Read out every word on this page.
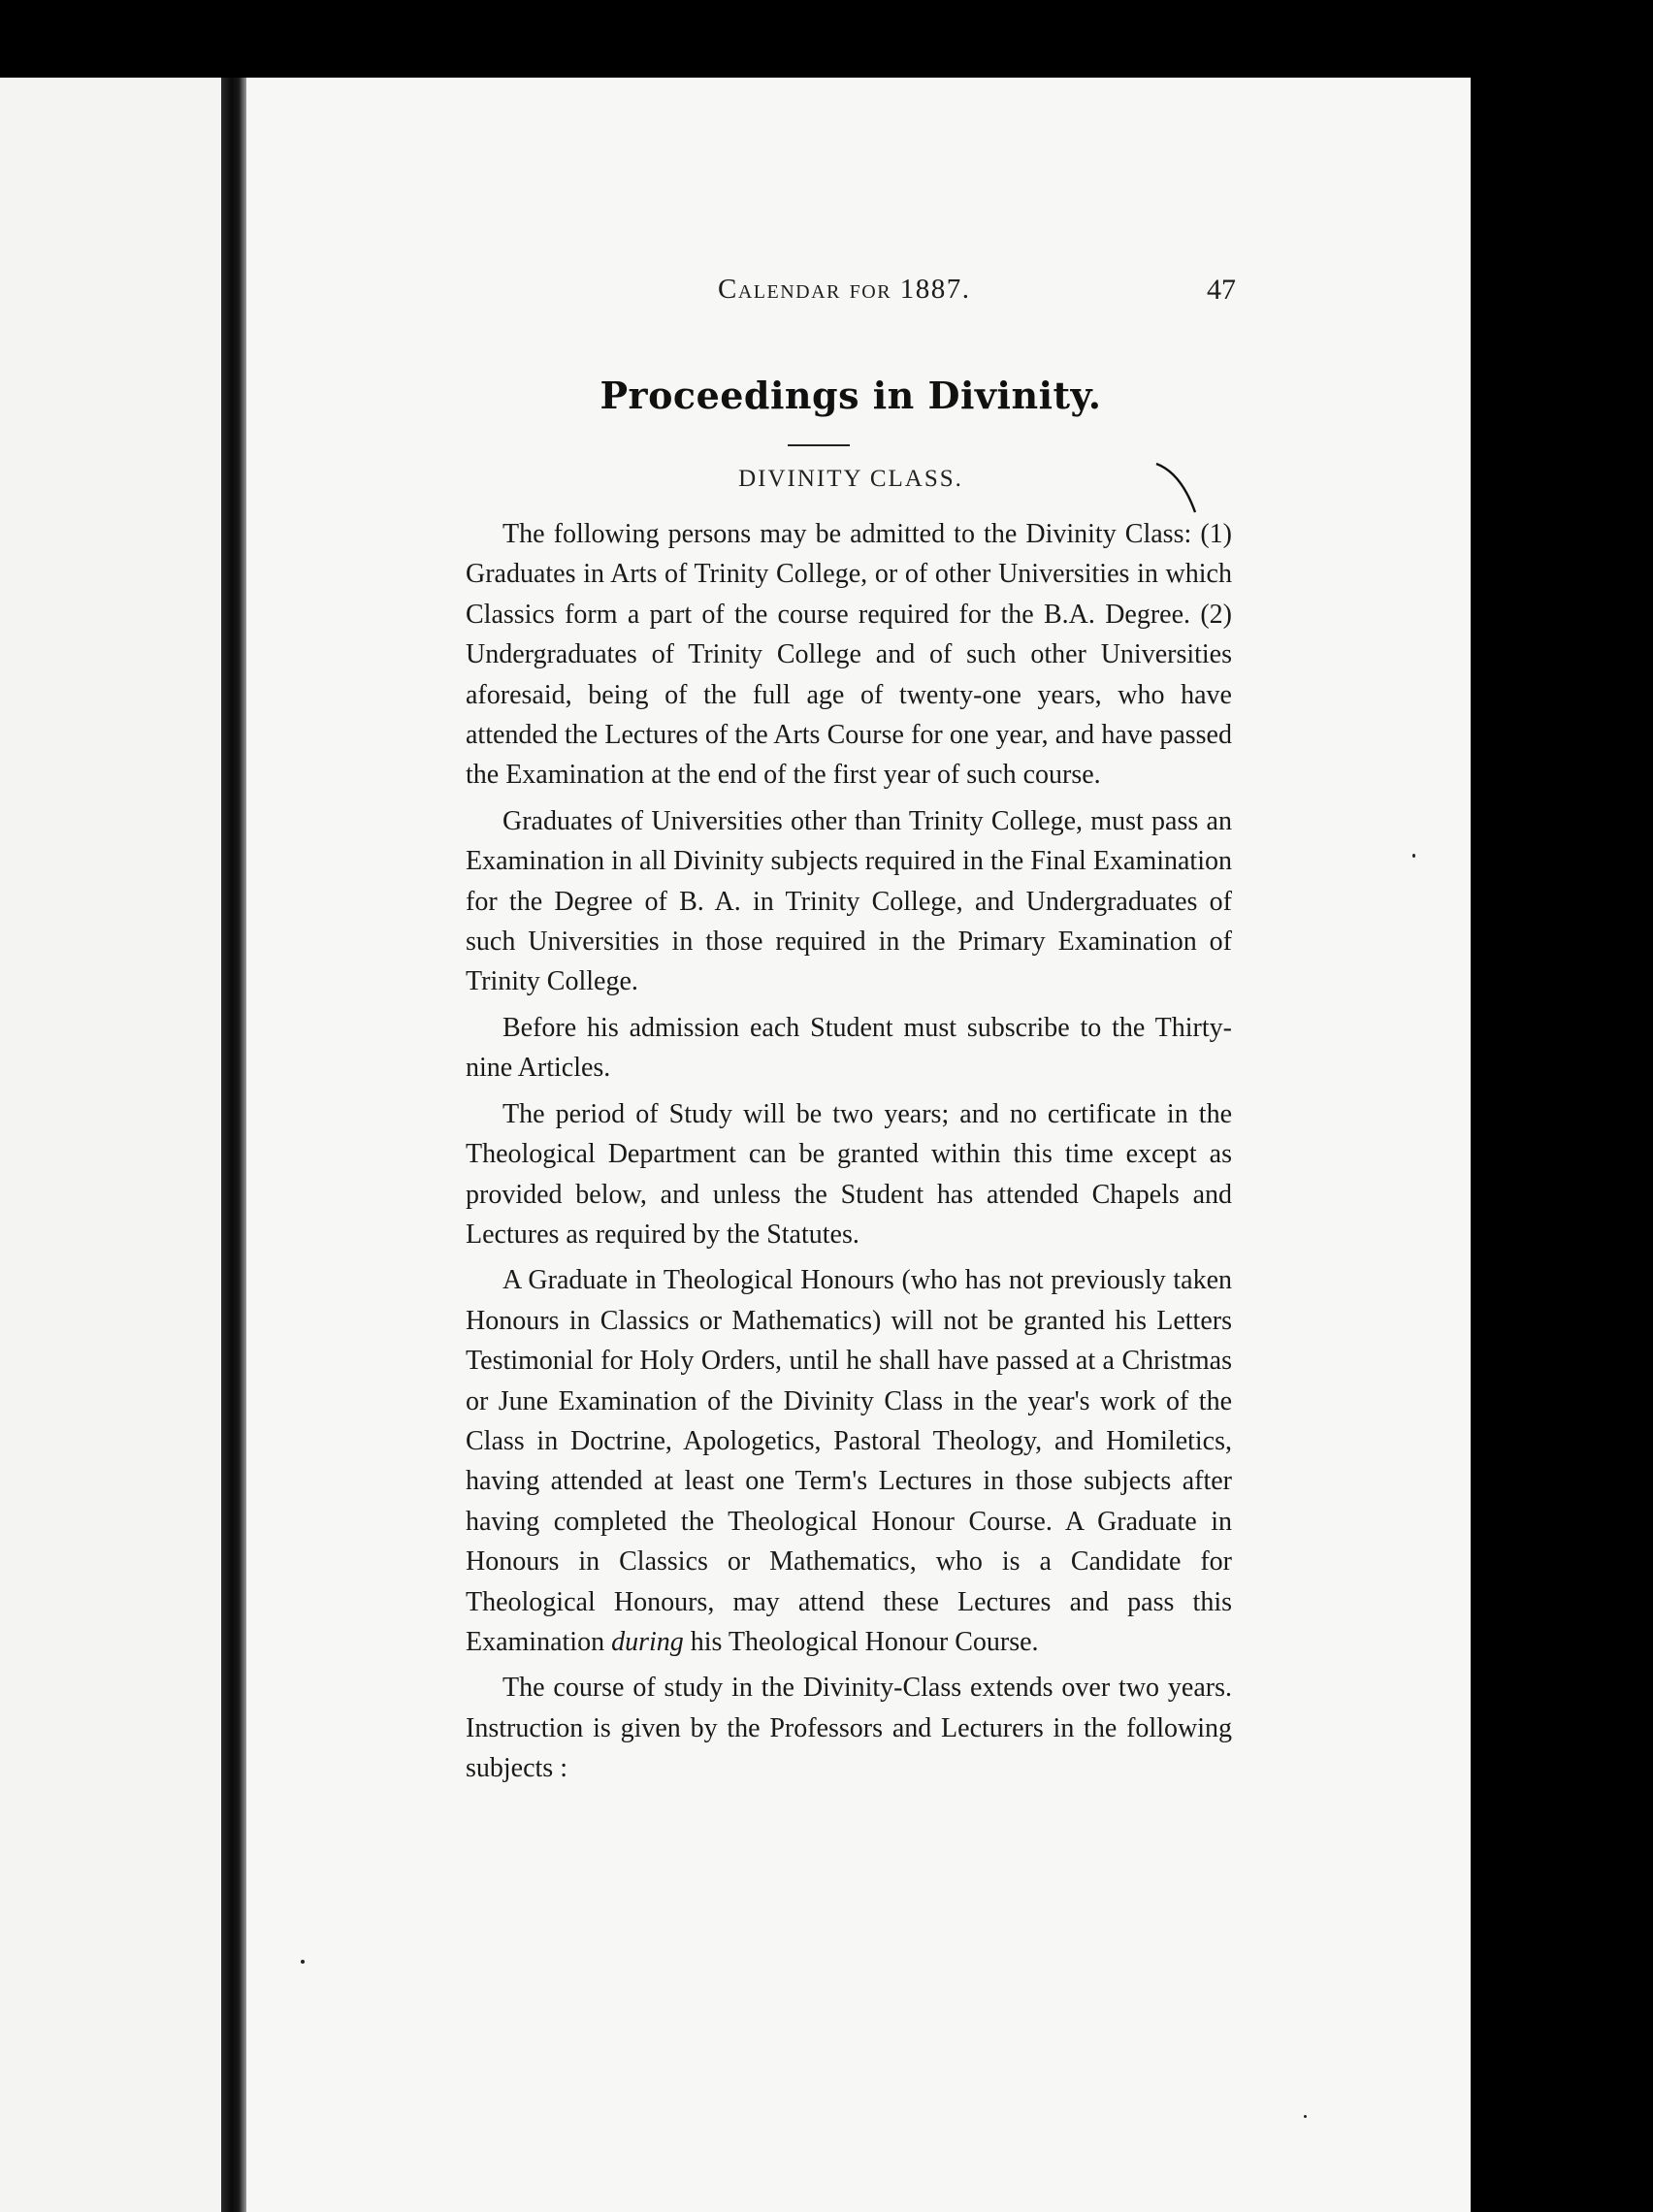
Calendar for 1887.	47
Proceedings in Divinity.
DIVINITY CLASS.

The following persons may be admitted to the Divinity Class: (1) Graduates in Arts of Trinity College, or of other Universities in which Classics form a part of the course required for the B.A. Degree. (2) Undergraduates of Trinity College and of such other Universities aforesaid, being of the full age of twenty-one years, who have attended the Lectures of the Arts Course for one year, and have passed the Examination at the end of the first year of such course.

Graduates of Universities other than Trinity College, must pass an Examination in all Divinity subjects required in the Final Examination for the Degree of B. A. in Trinity College, and Undergraduates of such Universities in those required in the Primary Examination of Trinity College.

Before his admission each Student must subscribe to the Thirty-nine Articles.

The period of Study will be two years; and no certificate in the Theological Department can be granted within this time except as provided below, and unless the Student has attended Chapels and Lectures as required by the Statutes.

A Graduate in Theological Honours (who has not previously taken Honours in Classics or Mathematics) will not be granted his Letters Testimonial for Holy Orders, until he shall have passed at a Christmas or June Examination of the Divinity Class in the year's work of the Class in Doctrine, Apologetics, Pastoral Theology, and Homiletics, having attended at least one Term's Lectures in those subjects after having completed the Theological Honour Course. A Graduate in Honours in Classics or Mathematics, who is a Candidate for Theological Honours, may attend these Lectures and pass this Examination during his Theological Honour Course.

The course of study in the Divinity-Class extends over two years. Instruction is given by the Professors and Lecturers in the following subjects :
